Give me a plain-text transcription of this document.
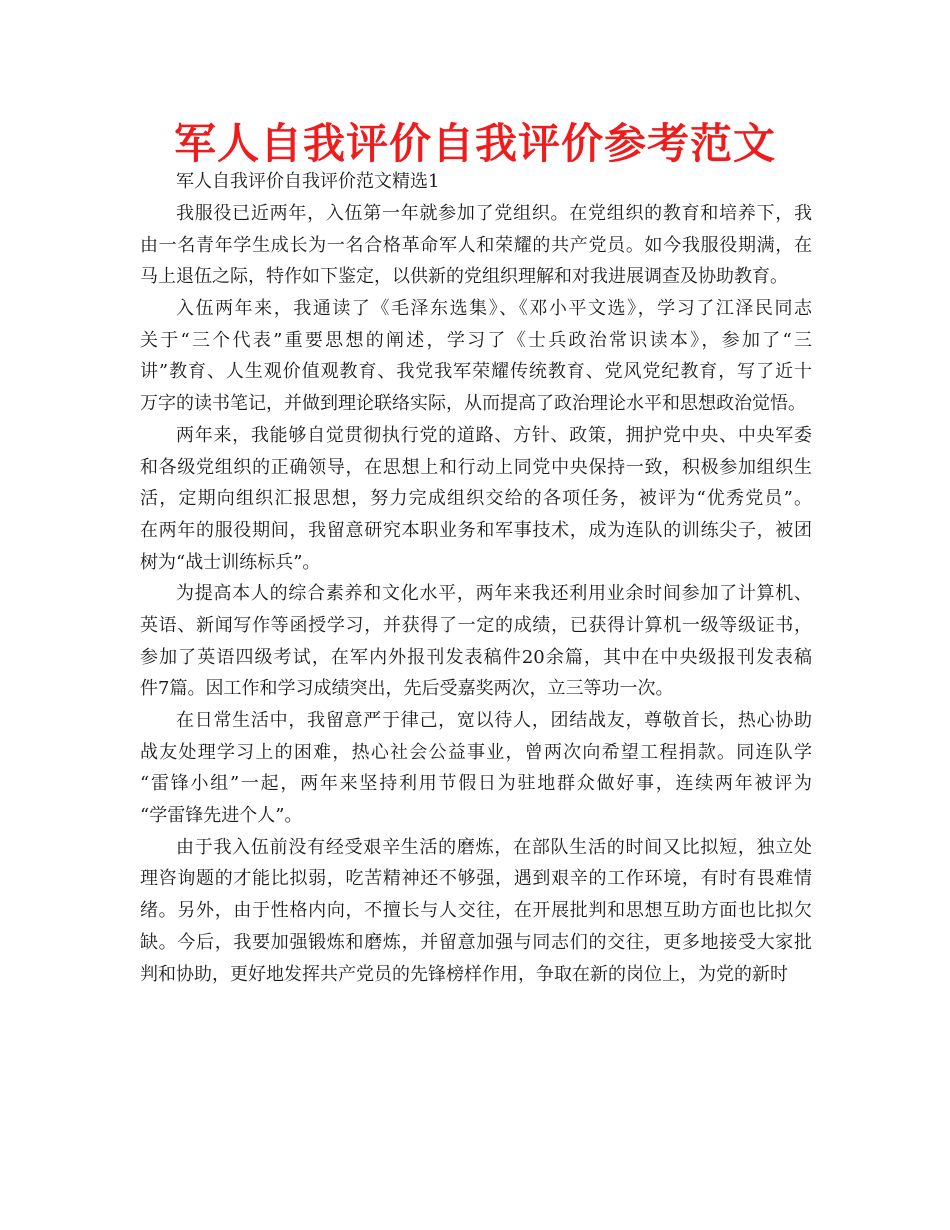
军人自我评价自我评价参考范文

军人自我评价自我评价范文精选1

我服役已近两年，入伍第一年就参加了党组织。在党组织的教育和培养下，我
由一名青年学生成长为一名合格革命军人和荣耀的共产党员。如今我服役期满，在
马上退伍之际，特作如下鉴定，以供新的党组织理解和对我进展调查及协助教育。
入伍两年来，我通读了《毛泽东选集》、《邓小平文选》，学习了江泽民同志
关于“三个代表”重要思想的阐述，学习了《士兵政治常识读本》，参加了“三
讲”教育、人生观价值观教育、我党我军荣耀传统教育、党风党纪教育，写了近十
万字的读书笔记，并做到理论联络实际，从而提高了政治理论水平和思想政治觉悟。
两年来，我能够自觉贯彻执行党的道路、方针、政策，拥护党中央、中央军委
和各级党组织的正确领导，在思想上和行动上同党中央保持一致，积极参加组织生
活，定期向组织汇报思想，努力完成组织交给的各项任务，被评为“优秀党员”。
在两年的服役期间，我留意研究本职业务和军事技术，成为连队的训练尖子，被团
树为“战士训练标兵”。
为提高本人的综合素养和文化水平，两年来我还利用业余时间参加了计算机、
英语、新闻写作等函授学习，并获得了一定的成绩，已获得计算机一级等级证书，
参加了英语四级考试，在军内外报刊发表稿件20余篇，其中在中央级报刊发表稿
件7篇。因工作和学习成绩突出，先后受嘉奖两次，立三等功一次。
在日常生活中，我留意严于律己，宽以待人，团结战友，尊敬首长，热心协助
战友处理学习上的困难，热心社会公益事业，曾两次向希望工程捐款。同连队学
“雷锋小组”一起，两年来坚持利用节假日为驻地群众做好事，连续两年被评为
“学雷锋先进个人”。
由于我入伍前没有经受艰辛生活的磨炼，在部队生活的时间又比拟短，独立处
理咨询题的才能比拟弱，吃苦精神还不够强，遇到艰辛的工作环境，有时有畏难情
绪。另外，由于性格内向，不擅长与人交往，在开展批判和思想互助方面也比拟欠
缺。今后，我要加强锻炼和磨炼，并留意加强与同志们的交往，更多地接受大家批
判和协助，更好地发挥共产党员的先锋榜样作用，争取在新的岗位上，为党的新时
